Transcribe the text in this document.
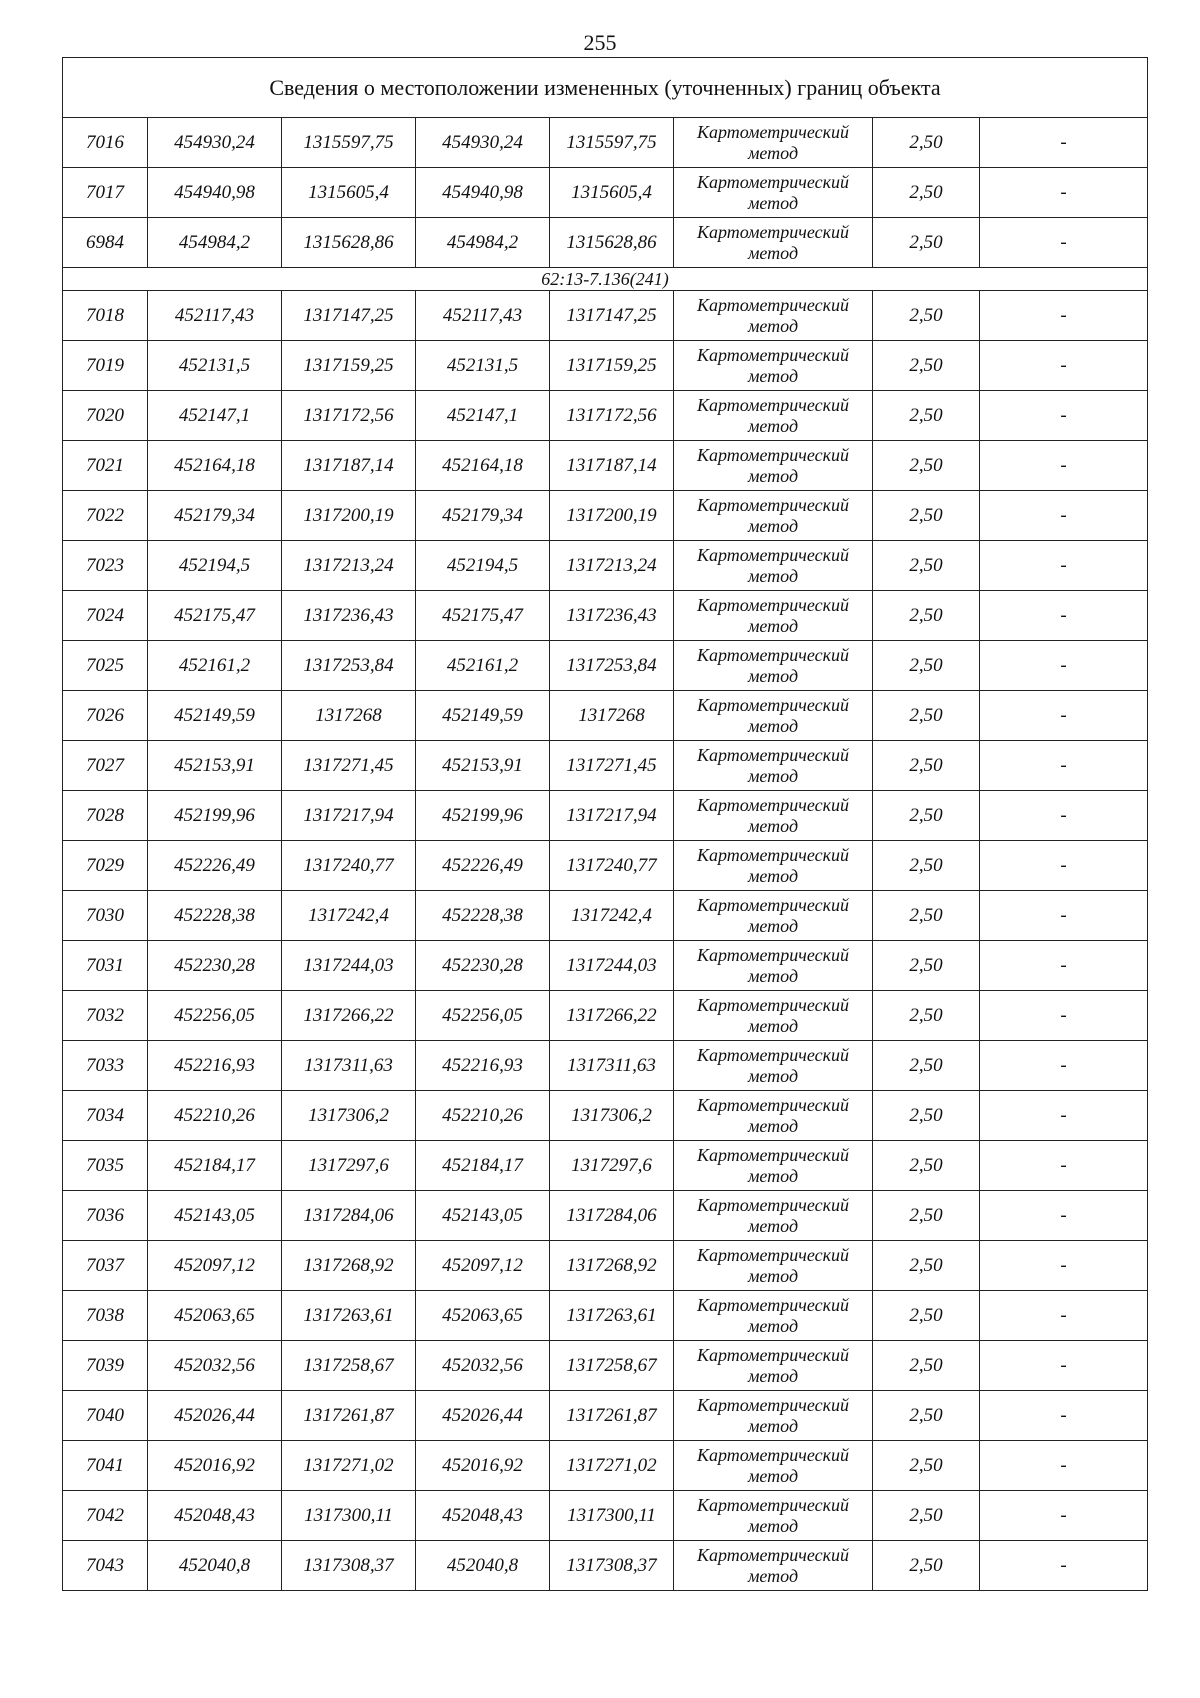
255
Сведения о местоположении измененных (уточненных) границ объекта							
7016	454930,24	1315597,75	454930,24	1315597,75	Картометрический метод	2,50	-
7017	454940,98	1315605,4	454940,98	1315605,4	Картометрический метод	2,50	-
6984	454984,2	1315628,86	454984,2	1315628,86	Картометрический метод	2,50	-
62:13-7.136(241)							
7018	452117,43	1317147,25	452117,43	1317147,25	Картометрический метод	2,50	-
7019	452131,5	1317159,25	452131,5	1317159,25	Картометрический метод	2,50	-
7020	452147,1	1317172,56	452147,1	1317172,56	Картометрический метод	2,50	-
7021	452164,18	1317187,14	452164,18	1317187,14	Картометрический метод	2,50	-
7022	452179,34	1317200,19	452179,34	1317200,19	Картометрический метод	2,50	-
7023	452194,5	1317213,24	452194,5	1317213,24	Картометрический метод	2,50	-
7024	452175,47	1317236,43	452175,47	1317236,43	Картометрический метод	2,50	-
7025	452161,2	1317253,84	452161,2	1317253,84	Картометрический метод	2,50	-
7026	452149,59	1317268	452149,59	1317268	Картометрический метод	2,50	-
7027	452153,91	1317271,45	452153,91	1317271,45	Картометрический метод	2,50	-
7028	452199,96	1317217,94	452199,96	1317217,94	Картометрический метод	2,50	-
7029	452226,49	1317240,77	452226,49	1317240,77	Картометрический метод	2,50	-
7030	452228,38	1317242,4	452228,38	1317242,4	Картометрический метод	2,50	-
7031	452230,28	1317244,03	452230,28	1317244,03	Картометрический метод	2,50	-
7032	452256,05	1317266,22	452256,05	1317266,22	Картометрический метод	2,50	-
7033	452216,93	1317311,63	452216,93	1317311,63	Картометрический метод	2,50	-
7034	452210,26	1317306,2	452210,26	1317306,2	Картометрический метод	2,50	-
7035	452184,17	1317297,6	452184,17	1317297,6	Картометрический метод	2,50	-
7036	452143,05	1317284,06	452143,05	1317284,06	Картометрический метод	2,50	-
7037	452097,12	1317268,92	452097,12	1317268,92	Картометрический метод	2,50	-
7038	452063,65	1317263,61	452063,65	1317263,61	Картометрический метод	2,50	-
7039	452032,56	1317258,67	452032,56	1317258,67	Картометрический метод	2,50	-
7040	452026,44	1317261,87	452026,44	1317261,87	Картометрический метод	2,50	-
7041	452016,92	1317271,02	452016,92	1317271,02	Картометрический метод	2,50	-
7042	452048,43	1317300,11	452048,43	1317300,11	Картометрический метод	2,50	-
7043	452040,8	1317308,37	452040,8	1317308,37	Картометрический метод	2,50	-
